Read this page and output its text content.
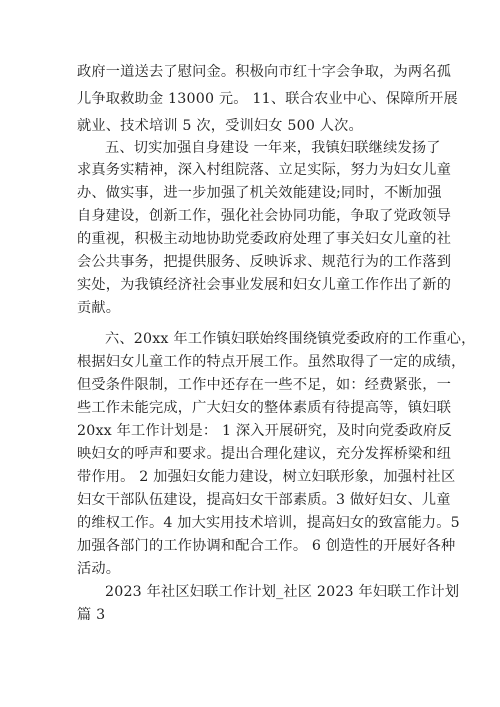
政府一道送去了慰问金。积极向市红十字会争取，为两名孤
儿争取救助金 13000 元。 11、联合农业中心、保障所开展
就业、技术培训 5 次，受训妇女 500 人次。
五、切实加强自身建设 一年来，我镇妇联继续发扬了
求真务实精神，深入村组院落、立足实际，努力为妇女儿童
办、做实事，进一步加强了机关效能建设;同时，不断加强
自身建设，创新工作，强化社会协同功能，争取了党政领导
的重视，积极主动地协助党委政府处理了事关妇女儿童的社
会公共事务，把提供服务、反映诉求、规范行为的工作落到
实处，为我镇经济社会事业发展和妇女儿童工作作出了新的
贡献。
六、20xx 年工作镇妇联始终围绕镇党委政府的工作重心，
根据妇女儿童工作的特点开展工作。虽然取得了一定的成绩，
但受条件限制，工作中还存在一些不足，如：经费紧张，一
些工作未能完成，广大妇女的整体素质有待提高等，镇妇联
20xx 年工作计划是： 1 深入开展研究，及时向党委政府反
映妇女的呼声和要求。提出合理化建议，充分发挥桥梁和纽
带作用。 2 加强妇女能力建设，树立妇联形象，加强村社区
妇女干部队伍建设，提高妇女干部素质。3 做好妇女、儿童
的维权工作。4 加大实用技术培训，提高妇女的致富能力。5
加强各部门的工作协调和配合工作。 6 创造性的开展好各种
活动。
2023 年社区妇联工作计划_社区 2023 年妇联工作计划
篇 3
